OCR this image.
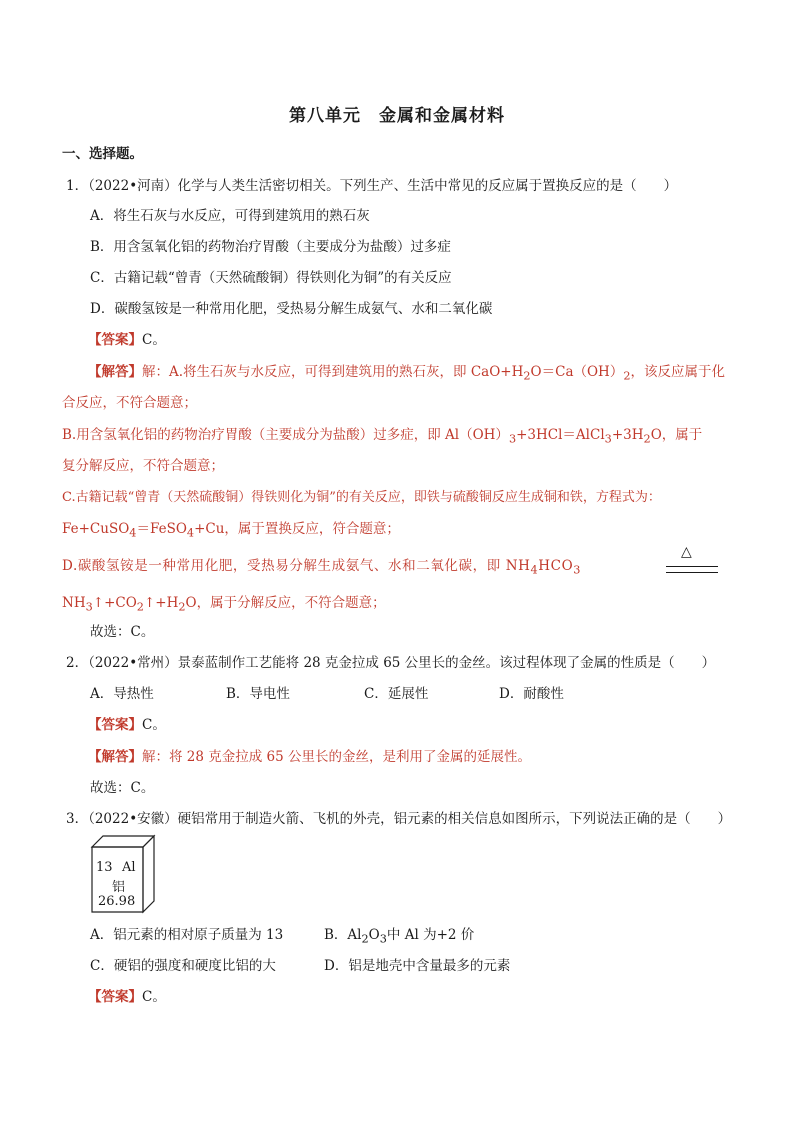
第八单元　金属和金属材料
一、选择题。
1．（2022•河南）化学与人类生活密切相关。下列生产、生活中常见的反应属于置换反应的是（　　）
A．将生石灰与水反应，可得到建筑用的熟石灰
B．用含氢氧化铝的药物治疗胃酸（主要成分为盐酸）过多症
C．古籍记载“曾青（天然硫酸铜）得铁则化为铜”的有关反应
D．碳酸氢铵是一种常用化肥，受热易分解生成氨气、水和二氧化碳
【答案】C。
【解答】解：A.将生石灰与水反应，可得到建筑用的熟石灰，即 $CaO+H_2O=Ca(OH)_2$，该反应属于化
合反应，不符合题意；
B.用含氢氧化铝的药物治疗胃酸（主要成分为盐酸）过多症，即 $Al(OH)_3+3HCl=AlCl_3+3H_2O$，属于
复分解反应，不符合题意；
C.古籍记载“曾青（天然硫酸铜）得铁则化为铜”的有关反应，即铁与硫酸铜反应生成铜和铁，方程式为：
Fe+CuSO$_4$＝FeSO$_4$+Cu，属于置换反应，符合题意；
D.碳酸氢铵是一种常用化肥，受热易分解生成氨气、水和二氧化碳，即 $NH_4HCO_3$
△
$NH_3↑+CO_2↑+H_2O$，属于分解反应，不符合题意；
故选：C。
2．（2022•常州）景泰蓝制作工艺能将 28 克金拉成 65 公里长的金丝。该过程体现了金属的性质是（　　）
A．导热性	B．导电性	C．延展性	D．耐酸性
【答案】C。
【解答】解：将 28 克金拉成 65 公里长的金丝，是利用了金属的延展性。
故选：C。
3．（2022•安徽）硬铝常用于制造火箭、飞机的外壳，铝元素的相关信息如图所示，下列说法正确的是（　　）
13 Al
铝
26.98
A．铝元素的相对原子质量为 13	B．$Al_2O_3$中 Al 为+2 价
C．硬铝的强度和硬度比铝的大	D．铝是地壳中含量最多的元素
【答案】C。
